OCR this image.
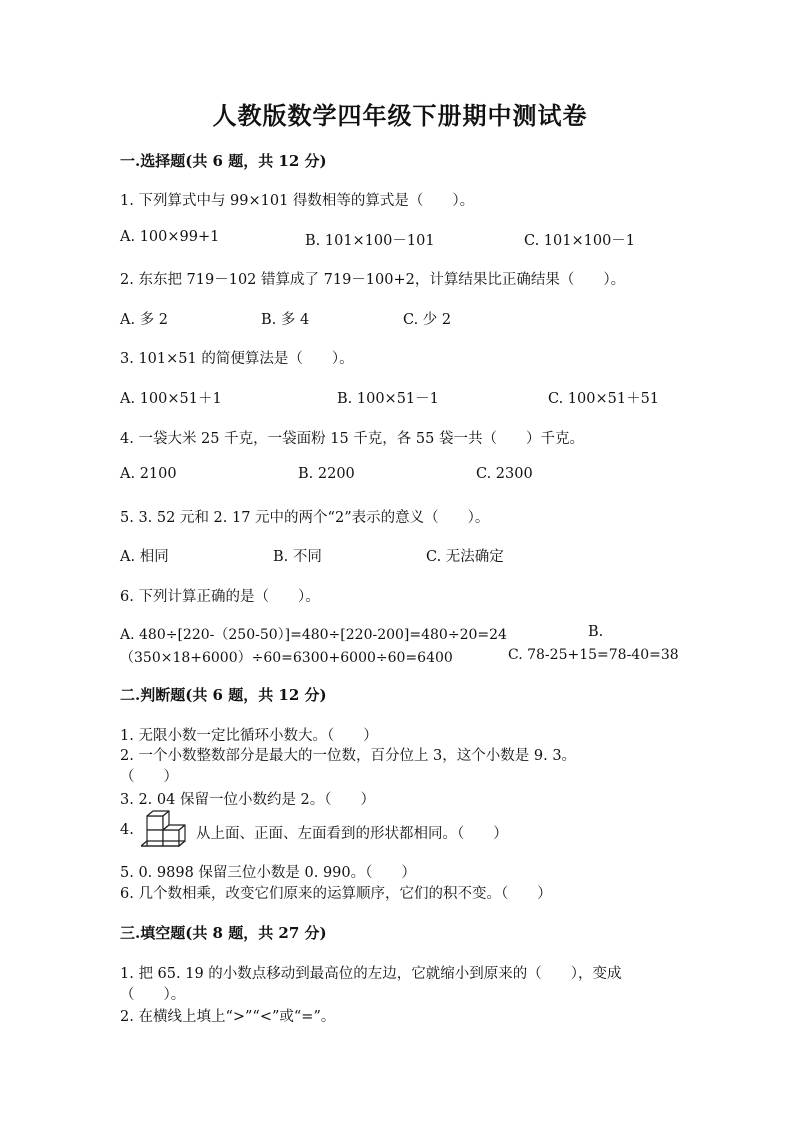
人教版数学四年级下册期中测试卷
一.选择题(共 6 题，共 12 分)
1. 下列算式中与 99×101 得数相等的算式是（　　）。
A. 100×99+1	B. 101×100－101	C. 101×100－1
2. 东东把 719－102 错算成了 719－100+2，计算结果比正确结果（　　）。
A. 多 2	B. 多 4	C. 少 2
3. 101×51 的简便算法是（　　）。
A. 100×51＋1	B. 100×51－1	C. 100×51＋51
4. 一袋大米 25 千克，一袋面粉 15 千克，各 55 袋一共（　　）千克。
A. 2100	B. 2200	C. 2300
5. 3. 52 元和 2. 17 元中的两个“2”表示的意义（　　）。
A. 相同	B. 不同	C. 无法确定
6. 下列计算正确的是（　　）。
A. 480÷[220-（250-50）]=480÷[220-200]=480÷20=24	B.
（350×18+6000）÷60=6300+6000÷60=6400	C. 78-25+15=78-40=38
二.判断题(共 6 题，共 12 分)
1. 无限小数一定比循环小数大。（　　）
2. 一个小数整数部分是最大的一位数，百分位上 3，这个小数是 9. 3。
（　　）
3. 2. 04 保留一位小数约是 2。（　　）
4.	从上面、正面、左面看到的形状都相同。（　　）
5. 0. 9898 保留三位小数是 0. 990。（　　）
6. 几个数相乘，改变它们原来的运算顺序，它们的积不变。（　　）
三.填空题(共 8 题，共 27 分)
1. 把 65. 19 的小数点移动到最高位的左边，它就缩小到原来的（　　），变成
（　　）。
2. 在横线上填上“>”“<”或“=”。
